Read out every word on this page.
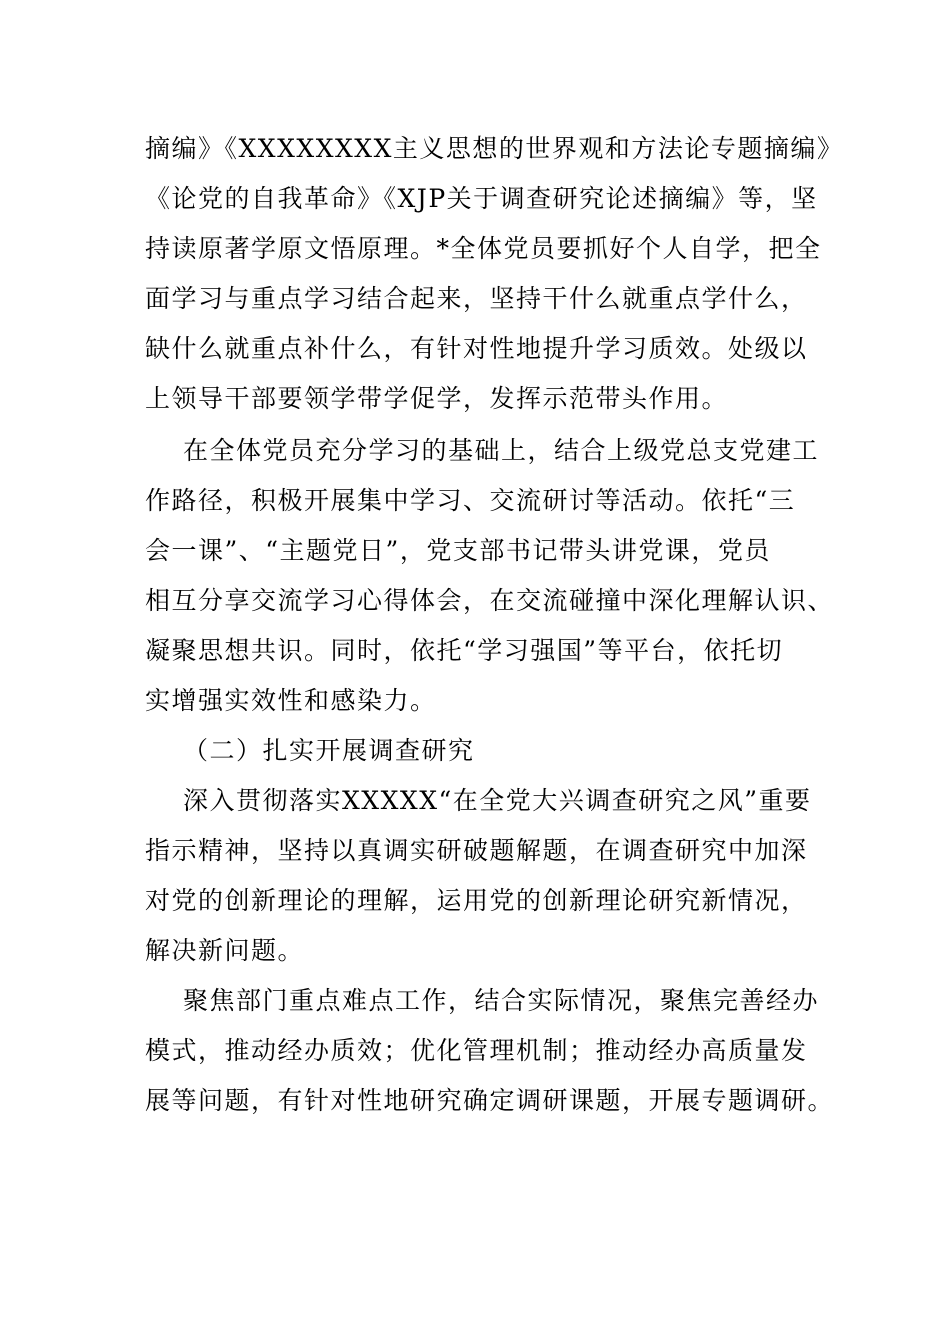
摘编》《XXXXXXXX主义思想的世界观和方法论专题摘编》
《论党的自我革命》《XJP关于调查研究论述摘编》等，坚
持读原著学原文悟原理。*全体党员要抓好个人自学，把全
面学习与重点学习结合起来，坚持干什么就重点学什么，
缺什么就重点补什么，有针对性地提升学习质效。处级以
上领导干部要领学带学促学，发挥示范带头作用。
在全体党员充分学习的基础上，结合上级党总支党建工
作路径，积极开展集中学习、交流研讨等活动。依托“三
会一课”、“主题党日”，党支部书记带头讲党课，党员
相互分享交流学习心得体会，在交流碰撞中深化理解认识、
凝聚思想共识。同时，依托“学习强国”等平台，依托切
实增强实效性和感染力。
（二）扎实开展调查研究
深入贯彻落实XXXXX“在全党大兴调查研究之风”重要
指示精神，坚持以真调实研破题解题，在调查研究中加深
对党的创新理论的理解，运用党的创新理论研究新情况，
解决新问题。
聚焦部门重点难点工作，结合实际情况，聚焦完善经办
模式，推动经办质效；优化管理机制；推动经办高质量发
展等问题，有针对性地研究确定调研课题，开展专题调研。
